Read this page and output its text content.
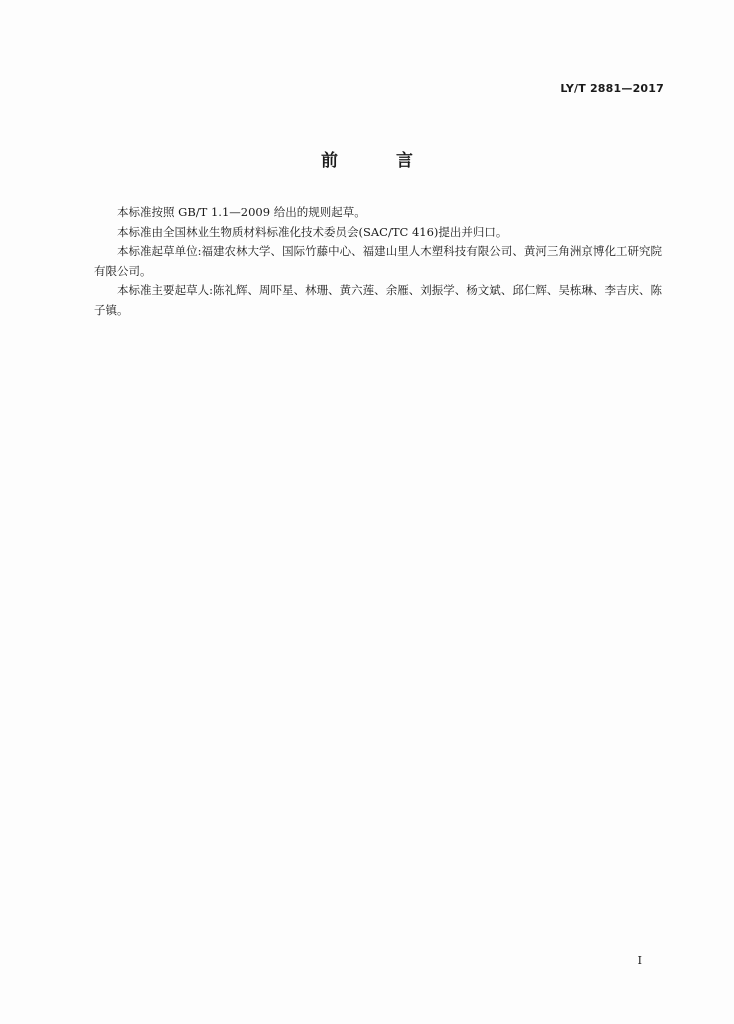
LY/T 2881—2017
前 言

本标准按照 GB/T 1.1—2009 给出的规则起草。

本标准由全国林业生物质材料标准化技术委员会(SAC/TC 416)提出并归口。

本标准起草单位:福建农林大学、国际竹藤中心、福建山里人木塑科技有限公司、黄河三角洲京博化工研究院有限公司。

本标准主要起草人:陈礼辉、周吓星、林珊、黄六莲、余雁、刘振学、杨文斌、邱仁辉、吴栋琳、李吉庆、陈子镇。

I
